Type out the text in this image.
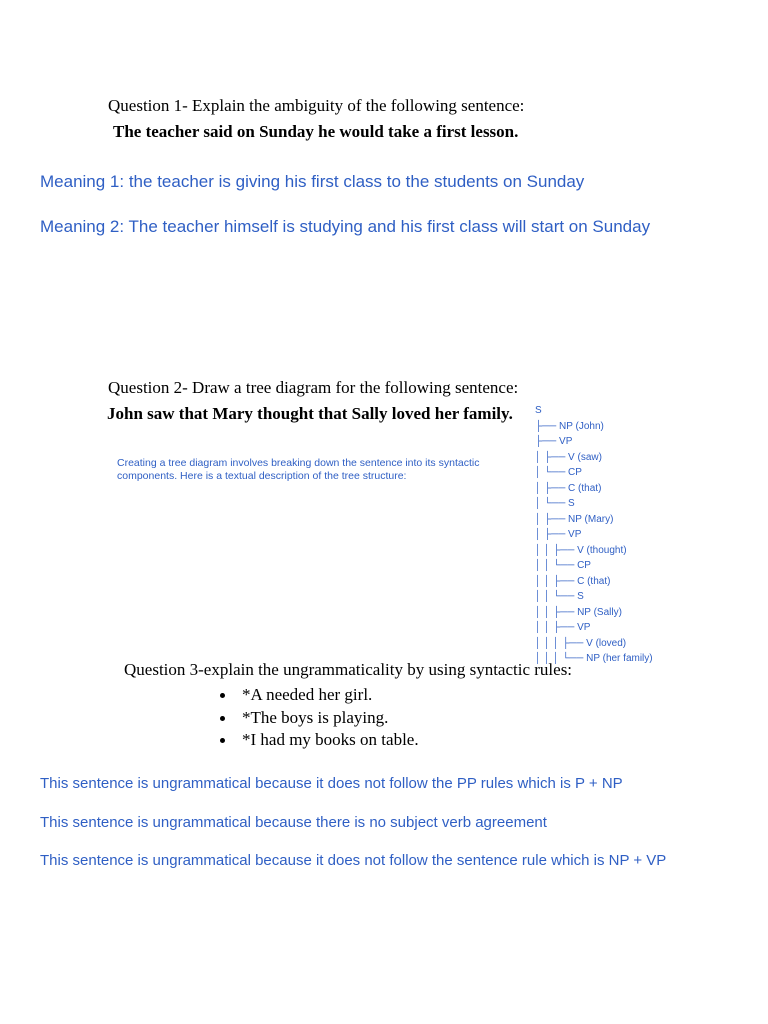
Question 1- Explain the ambiguity of the following sentence:
The teacher said on Sunday he would take a first lesson.
Meaning 1: the teacher is giving his first class to the students on Sunday
Meaning 2: The teacher himself is studying and his first class will start on Sunday
Question 2- Draw a tree diagram for the following sentence:
John saw that Mary thought that Sally loved her family.
Creating a tree diagram involves breaking down the sentence into its syntactic components. Here is a textual description of the tree structure:
S
├── NP (John)
├── VP
│ ├── V (saw)
│ └── CP
│ ├── C (that)
│ └── S
│ ├── NP (Mary)
│ ├── VP
│ │ ├── V (thought)
│ │ └── CP
│ │ ├── C (that)
│ │ └── S
│ │ ├── NP (Sally)
│ │ ├── VP
│ │ │ ├── V (loved)
│ │ │ └── NP (her family)
Question 3-explain the ungrammaticality by using syntactic rules:
*A needed her girl.
*The boys is playing.
*I had my books on table.
This sentence is ungrammatical because it does not follow the PP rules which is P + NP
This sentence is ungrammatical because there is no subject verb agreement
This sentence is ungrammatical because it does not follow the sentence rule which is NP + VP
